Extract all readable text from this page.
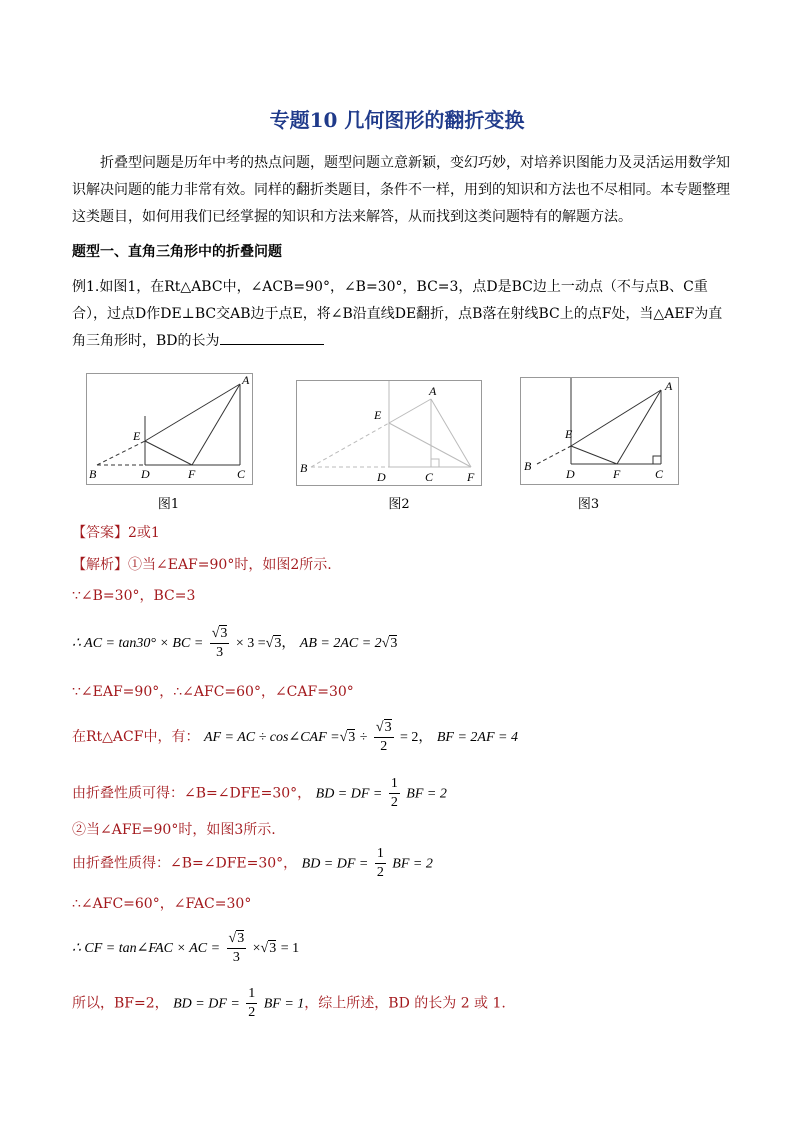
专题10 几何图形的翻折变换
折叠型问题是历年中考的热点问题，题型问题立意新颖，变幻巧妙，对培养识图能力及灵活运用数学知识解决问题的能力非常有效。同样的翻折类题目，条件不一样，用到的知识和方法也不尽相同。本专题整理这类题目，如何用我们已经掌握的知识和方法来解答，从而找到这类问题特有的解题方法。
题型一、直角三角形中的折叠问题
例1.如图1，在Rt△ABC中，∠ACB=90°，∠B=30°，BC=3，点D是BC边上一动点（不与点B、C重合），过点D作DE⊥BC交AB边于点E，将∠B沿直线DE翻折，点B落在射线BC上的点F处，当△AEF为直角三角形时，BD的长为
A
B	C
D
E
F
图1
A
B
C
D
E
F
图2
A
B
C
D
E
F
图3
【答案】2或1
【解析】①当∠EAF=90°时，如图2所示.
∵∠B=30°，BC=3
∴ AC = tan30° × BC = $\frac{√3}{3} \times 3 =√3$， AB = 2AC = 2√3
∵∠EAF=90°，∴∠AFC=60°，∠CAF=30°
在Rt△ACF中，有： AF = AC ÷ cos∠CAF $=√3 \div \frac{√3}{2} = 2$， BF = 2AF = 4
由折叠性质可得：∠B=∠DFE=30°， BD = DF = $\frac{1}{2}$ BF = 2
②当∠AFE=90°时，如图3所示.
由折叠性质得：∠B=∠DFE=30°， BD = DF = $\frac{1}{2}$ BF = 2
∴∠AFC=60°，∠FAC=30°
∴ CF = tan∠FAC × AC = $\frac{√3}{3} \times√3 = 1$
所以，BF=2， BD = DF = $\frac{1}{2}$ BF = 1，综上所述，BD 的长为 2 或 1.
